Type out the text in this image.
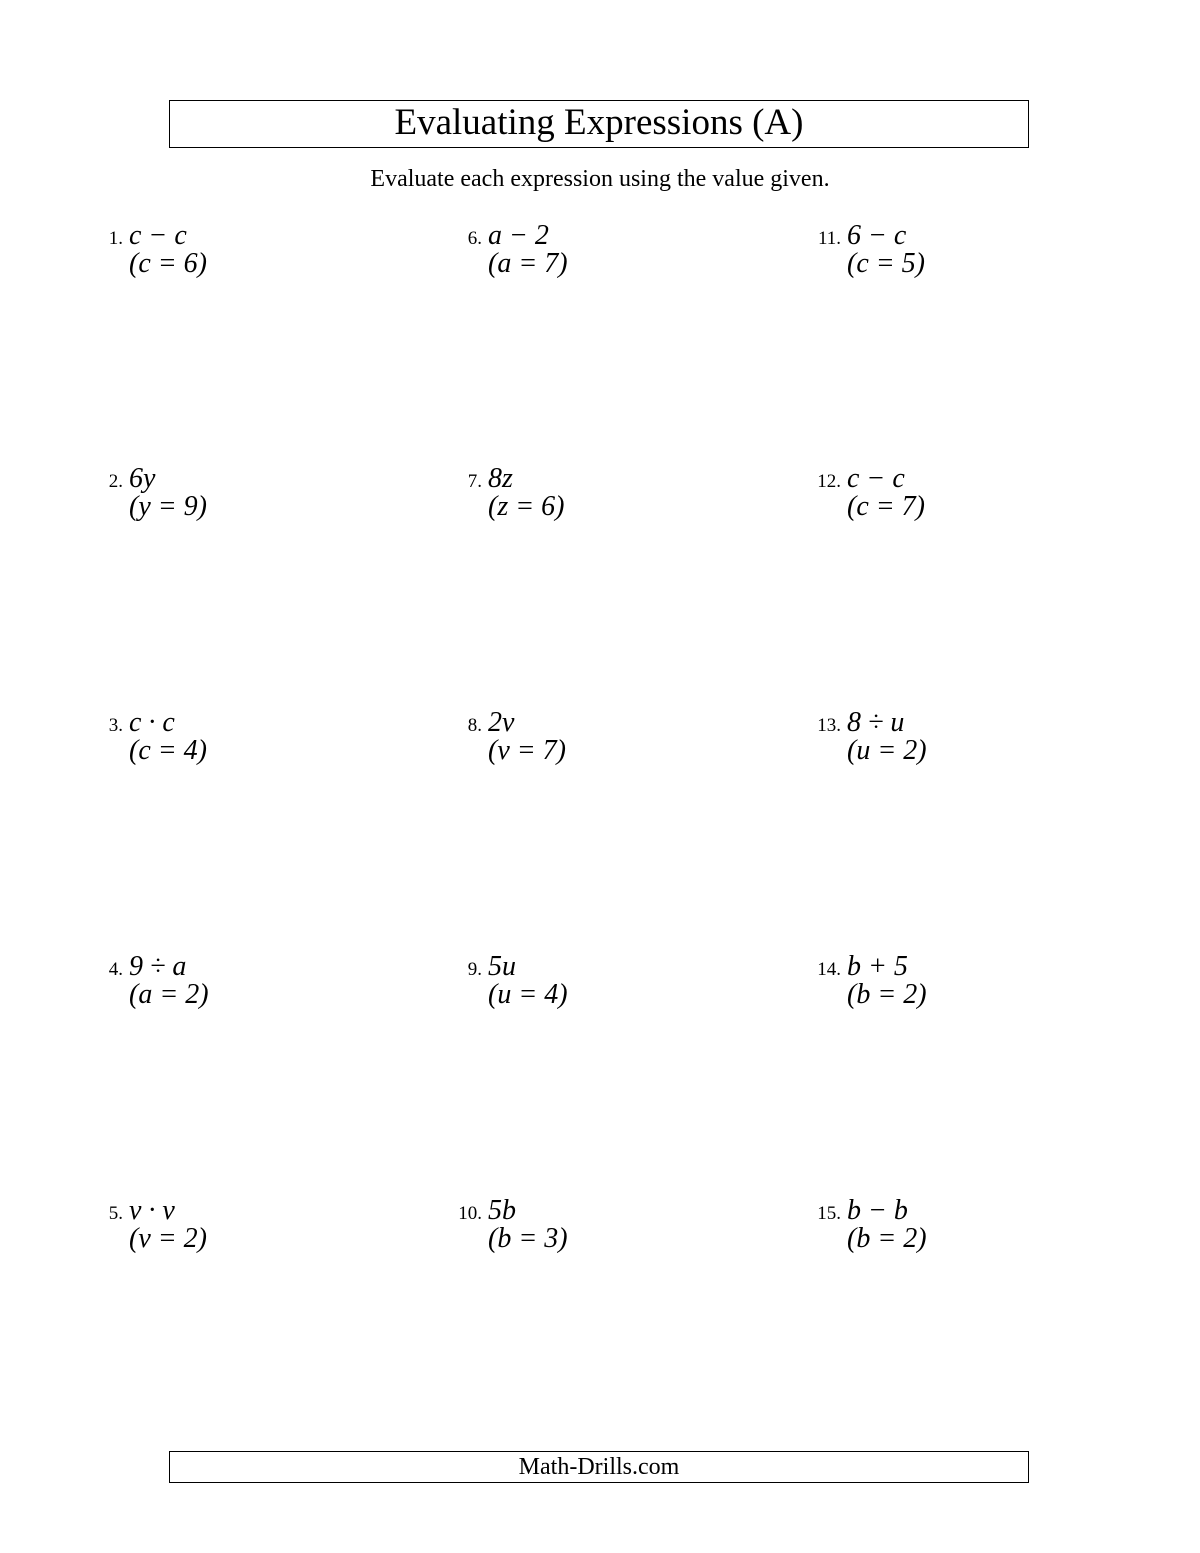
Evaluating Expressions (A)
Evaluate each expression using the value given.
1. c − c
(c = 6)
2. 6y
(y = 9)
3. c · c
(c = 4)
4. 9 ÷ a
(a = 2)
5. v · v
(v = 2)
6. a − 2
(a = 7)
7. 8z
(z = 6)
8. 2v
(v = 7)
9. 5u
(u = 4)
10. 5b
(b = 3)
11. 6 − c
(c = 5)
12. c − c
(c = 7)
13. 8 ÷ u
(u = 2)
14. b + 5
(b = 2)
15. b − b
(b = 2)
Math-Drills.com
